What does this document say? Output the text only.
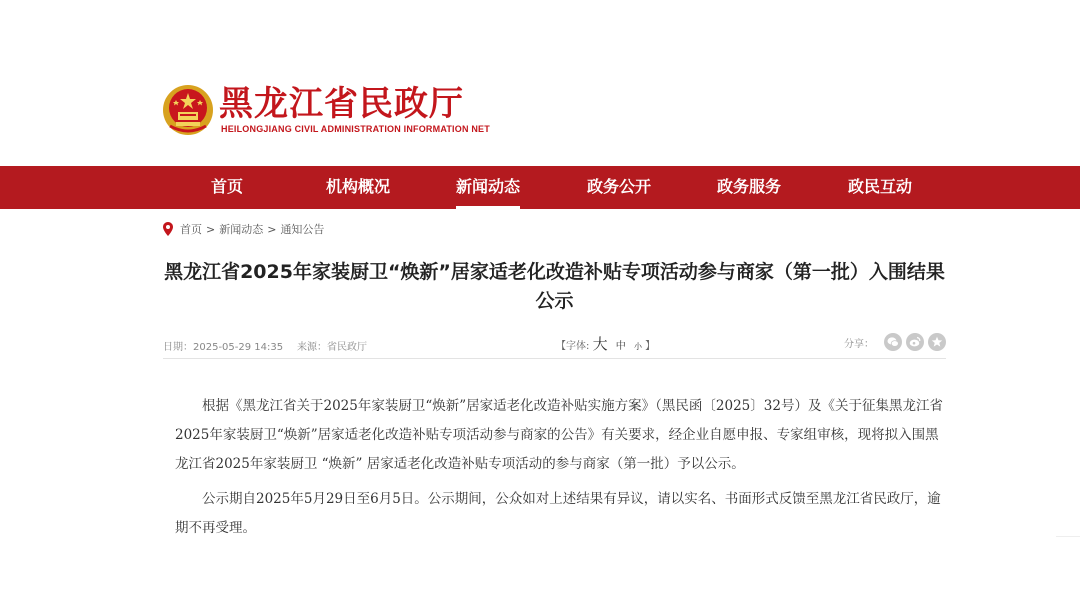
黑龙江省民政厅
HEILONGJIANG CIVIL ADMINISTRATION INFORMATION NET
首页	机构概况	新闻动态	政务公开	政务服务	政民互动
首页 > 新闻动态 > 通知公告
黑龙江省2025年家装厨卫“焕新”居家适老化改造补贴专项活动参与商家（第一批）入围结果公示
日期：2025-05-29 14:35 来源：省民政厅	【字体: 大 中 小 】	分享：

根据《黑龙江省关于2025年家装厨卫“焕新”居家适老化改造补贴实施方案》（黑民函〔2025〕32号）及《关于征集黑龙江省2025年家装厨卫“焕新”居家适老化改造补贴专项活动参与商家的公告》有关要求，经企业自愿申报、专家组审核，现将拟入围黑龙江省2025年家装厨卫 “焕新” 居家适老化改造补贴专项活动的参与商家（第一批）予以公示。

公示期自2025年5月29日至6月5日。公示期间，公众如对上述结果有异议，请以实名、书面形式反馈至黑龙江省民政厅，逾期不再受理。
